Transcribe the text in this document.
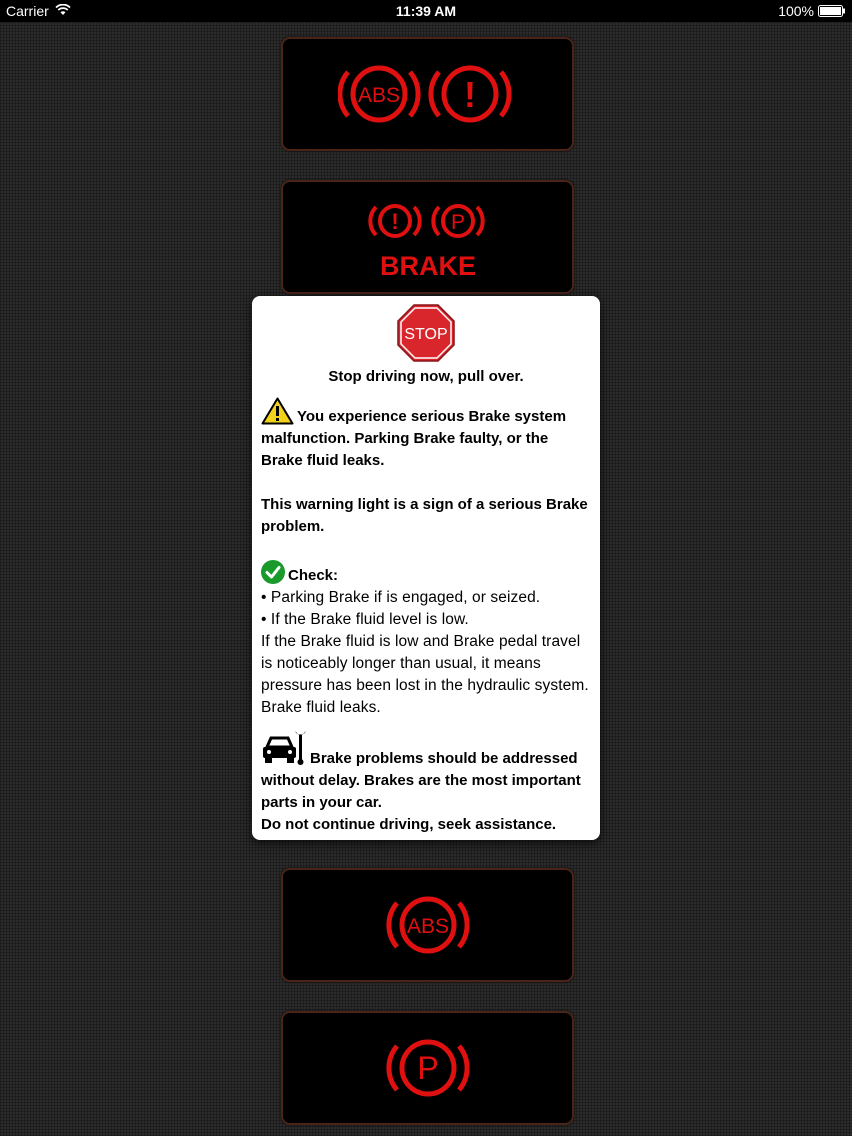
Carrier	11:39 AM	100%
ABS !
! P
BRAKE
STOP
Stop driving now, pull over.

You experience serious Brake system malfunction. Parking Brake faulty, or the Brake fluid leaks.

This warning light is a sign of a serious Brake problem.

Check:

• Parking Brake if is engaged, or seized.

• If the Brake fluid level is low.

If the Brake fluid is low and Brake pedal travel is noticeably longer than usual, it means pressure has been lost in the hydraulic system. Brake fluid leaks.

Brake problems should be addressed without delay. Brakes are the most important parts in your car.

Do not continue driving, seek assistance.

ABS
P
